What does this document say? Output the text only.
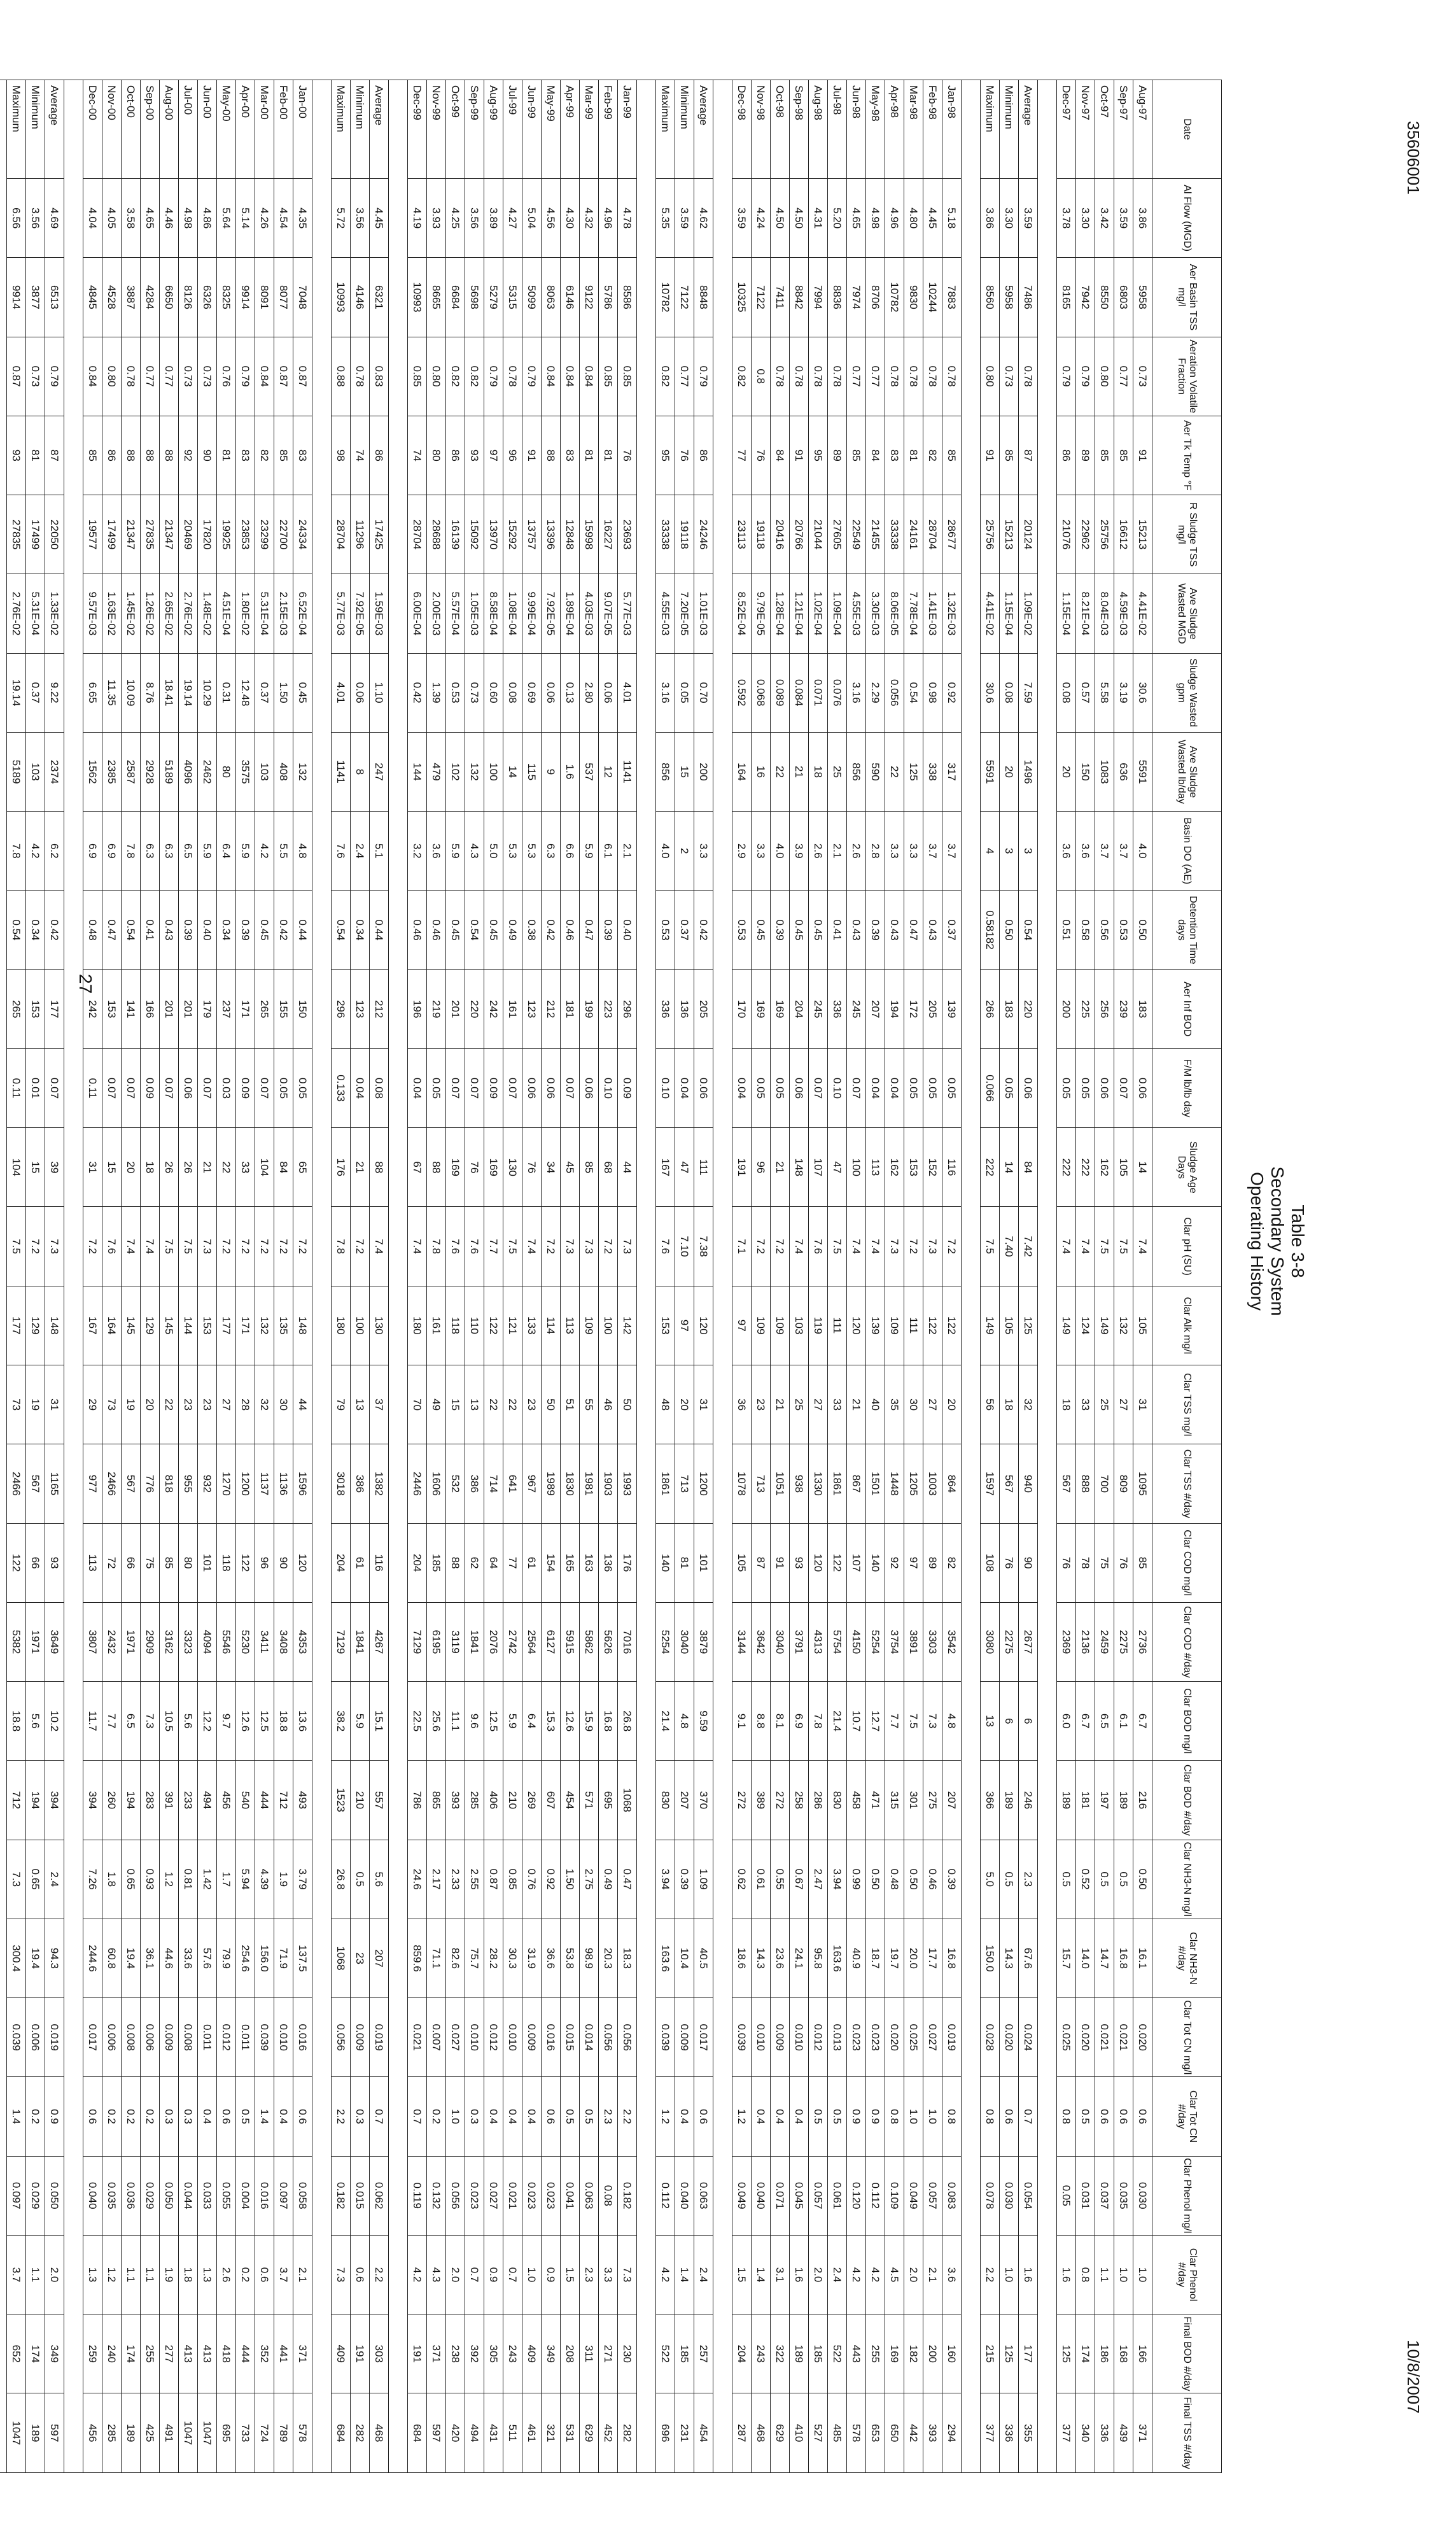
35606001
10/8/2007
Table 3-8
Secondary System
Operating History
27
Date	Al Flow (MGD)	Aer Basin TSS mg/l	Aeration Volatile Fraction	Aer Tk Temp °F	R Sludge TSS mg/l	Ave Sludge Wasted MGD	Sludge Wasted gpm	Ave Sludge Wasted lb/day	Basin DO (AE)	Detention Time days	Aer Inf BOD	F/M lb/lb day	Sludge Age Days	Clar pH (SU)	Clar Alk mg/l	Clar TSS mg/l	Clar TSS #/day	Clar COD mg/l	Clar COD #/day	Clar BOD mg/l	Clar BOD #/day	Clar NH3-N mg/l	Clar NH3-N #/day	Clar Tot CN mg/l	Clar Tot CN #/day	Clar Phenol mg/l	Clar Phenol #/day	Final BOD #/day	Final TSS #/day
Aug-97	3.86	5958	0.73	91	15213	4.41E-02	30.6	5591	4.0	0.50	183	0.06	14	7.4	105	31	1095	85	2736	6.7	216	0.50	16.1	0.020	0.6	0.030	1.0	166	371
Sep-97	3.59	6803	0.77	85	16612	4.59E-03	3.19	636	3.7	0.53	239	0.07	105	7.5	132	27	809	76	2275	6.1	189	0.5	16.8	0.021	0.6	0.035	1.0	168	439
Oct-97	3.42	8550	0.80	85	25756	8.04E-03	5.58	1083	3.7	0.56	256	0.06	162	7.5	149	25	700	75	2459	6.5	197	0.5	14.7	0.021	0.6	0.037	1.1	186	336
Nov-97	3.30	7942	0.79	89	22962	8.21E-04	0.57	150	3.6	0.58	225	0.05	222	7.4	124	33	888	78	2136	6.7	181	0.52	14.0	0.020	0.5	0.031	0.8	174	340
Dec-97	3.78	8165	0.79	86	21076	1.15E-04	0.08	20	3.6	0.51	200	0.05	222	7.4	149	18	567	76	2369	6.0	189	0.5	15.7	0.025	0.8	0.05	1.6	125	377

Average	3.59	7486	0.78	87	20124	1.09E-02	7.59	1496	3	0.54	220	0.06	84	7.42	125	32	940	90	2677	6	246	2.3	67.6	0.024	0.7	0.054	1.6	177	355
Minimum	3.30	5958	0.73	85	15213	1.15E-04	0.08	20	3	0.50	183	0.05	14	7.40	105	18	567	76	2275	6	189	0.5	14.3	0.020	0.6	0.030	1.0	125	336
Maximum	3.86	8560	0.80	91	25756	4.41E-02	30.6	5591	4	0.58182	266	0.066	222	7.5	149	56	1597	108	3080	13	366	5.0	150.0	0.028	0.8	0.078	2.2	215	377

Jan-98	5.18	7883	0.78	85	28677	1.32E-03	0.92	317	3.7	0.37	139	0.05	116	7.2	122	20	864	82	3542	4.8	207	0.39	16.8	0.019	0.8	0.083	3.6	160	294
Feb-98	4.45	10244	0.78	82	28704	1.41E-03	0.98	338	3.7	0.43	205	0.05	152	7.3	122	27	1003	89	3303	7.3	275	0.46	17.7	0.027	1.0	0.057	2.1	200	393
Mar-98	4.80	9830	0.78	81	24161	7.78E-04	0.54	125	3.3	0.47	172	0.05	153	7.2	111	30	1205	97	3891	7.5	301	0.50	20.0	0.025	1.0	0.049	2.0	182	442
Apr-98	4.96	10782	0.78	83	33338	8.06E-05	0.056	22	3.3	0.43	194	0.04	162	7.3	109	35	1448	92	3754	7.7	315	0.48	19.7	0.020	0.8	0.109	4.5	169	650
May-98	4.98	8706	0.77	84	21455	3.30E-03	2.29	590	2.8	0.39	207	0.04	113	7.4	139	40	1501	140	5254	12.7	471	0.50	18.7	0.023	0.9	0.112	4.2	255	653
Jun-98	4.65	7974	0.77	85	22549	4.55E-03	3.16	856	2.6	0.43	245	0.07	100	7.4	120	21	867	107	4150	10.7	458	0.99	40.9	0.023	0.9	0.120	4.2	443	578
Jul-98	5.20	8836	0.78	89	27605	1.09E-04	0.076	25	2.1	0.41	336	0.10	47	7.5	111	33	1861	122	5754	21.4	830	3.94	163.6	0.013	0.5	0.061	2.4	522	485
Aug-98	4.31	7994	0.78	95	21044	1.02E-04	0.071	18	2.6	0.45	245	0.07	107	7.6	119	27	1330	120	4313	7.8	286	2.47	95.8	0.012	0.5	0.057	2.0	185	527
Sep-98	4.50	8842	0.78	91	20766	1.21E-04	0.084	21	3.9	0.45	204	0.06	148	7.4	103	25	938	93	3791	6.9	258	0.67	24.1	0.010	0.4	0.045	1.6	189	410
Oct-98	4.50	7411	0.78	84	20416	1.28E-04	0.089	22	4.0	0.39	169	0.05	21	7.2	109	21	1051	91	3040	8.1	272	0.55	23.6	0.009	0.4	0.071	3.1	322	629
Nov-98	4.24	7122	0.8	76	19118	9.79E-05	0.068	16	3.3	0.45	169	0.05	96	7.2	109	23	713	87	3642	8.8	389	0.61	14.3	0.010	0.4	0.040	1.4	243	468
Dec-98	3.59	10325	0.82	77	23113	8.52E-04	0.592	164	2.9	0.53	170	0.04	191	7.1	97	36	1078	105	3144	9.1	272	0.62	18.6	0.039	1.2	0.049	1.5	204	287

Average	4.62	8848	0.79	86	24246	1.01E-03	0.70	200	3.3	0.42	205	0.06	111	7.38	120	31	1200	101	3879	9.59	370	1.09	40.5	0.017	0.6	0.063	2.4	257	454
Minimum	3.59	7122	0.77	76	19118	7.20E-05	0.05	15	2	0.37	136	0.04	47	7.10	97	20	713	81	3040	4.8	207	0.39	10.4	0.009	0.4	0.040	1.4	185	231
Maximum	5.35	10782	0.82	95	33338	4.55E-03	3.16	856	4.0	0.53	336	0.10	167	7.6	153	48	1861	140	5254	21.4	830	3.94	163.6	0.039	1.2	0.112	4.2	522	696

Jan-99	4.78	8586	0.85	76	23693	5.77E-03	4.01	1141	2.1	0.40	296	0.09	44	7.3	142	50	1993	176	7016	26.8	1068	0.47	18.3	0.056	2.2	0.182	7.3	230	282
Feb-99	4.96	5786	0.85	81	16227	9.07E-05	0.06	12	6.1	0.39	223	0.10	68	7.2	100	46	1903	136	5626	16.8	695	0.49	20.3	0.056	2.3	0.08	3.3	271	452
Mar-99	4.32	9122	0.84	81	15998	4.03E-03	2.80	537	5.9	0.47	199	0.06	85	7.3	109	55	1981	163	5862	15.9	571	2.75	98.9	0.014	0.5	0.063	2.3	311	629
Apr-99	4.30	6146	0.84	83	12848	1.89E-04	0.13	1.6	6.6	0.46	181	0.07	45	7.3	113	51	1830	165	5915	12.6	454	1.50	53.8	0.015	0.5	0.041	1.5	208	531
May-99	4.56	8063	0.84	88	13396	7.92E-05	0.06	9	6.3	0.42	212	0.06	34	7.2	114	50	1989	154	6127	15.3	607	0.92	36.6	0.016	0.6	0.023	0.9	349	321
Jun-99	5.04	5099	0.79	91	13757	9.99E-04	0.69	115	5.3	0.38	123	0.06	76	7.4	133	23	967	61	2564	6.4	269	0.76	31.9	0.009	0.4	0.023	1.0	409	461
Jul-99	4.27	5315	0.78	96	15292	1.08E-04	0.08	14	5.3	0.49	161	0.07	130	7.5	121	22	641	77	2742	5.9	210	0.85	30.3	0.010	0.4	0.021	0.7	243	511
Aug-99	3.89	5279	0.79	97	13970	8.58E-04	0.60	100	5.0	0.45	242	0.09	169	7.7	122	22	714	64	2076	12.5	406	0.87	28.2	0.012	0.4	0.027	0.9	305	431
Sep-99	3.56	5698	0.82	93	15092	1.05E-03	0.73	132	4.3	0.54	220	0.07	76	7.6	110	13	386	62	1841	9.6	285	2.55	75.7	0.010	0.3	0.023	0.7	392	494
Oct-99	4.25	6684	0.82	86	16139	5.57E-04	0.53	102	5.9	0.45	201	0.07	169	7.6	118	15	532	88	3119	11.1	393	2.33	82.6	0.027	1.0	0.056	2.0	238	420
Nov-99	3.93	8665	0.80	80	28688	2.00E-03	1.39	479	3.6	0.46	219	0.05	88	7.8	161	49	1606	185	6195	25.6	865	2.17	71.1	0.007	0.2	0.132	4.3	371	597
Dec-99	4.19	10993	0.85	74	28704	6.00E-04	0.42	144	3.2	0.46	196	0.04	67	7.4	180	70	2446	204	7129	22.5	786	24.6	859.6	0.021	0.7	0.119	4.2	191	684

Average	4.45	6321	0.83	86	17425	1.59E-03	1.10	247	5.1	0.44	212	0.08	88	7.4	130	37	1382	116	4267	15.1	557	5.6	207	0.019	0.7	0.062	2.2	303	468
Minimum	3.56	4146	0.78	74	11296	7.92E-05	0.06	8	2.4	0.34	123	0.04	21	7.2	100	13	386	61	1841	5.9	210	0.5	23	0.009	0.3	0.015	0.6	191	282
Maximum	5.72	10993	0.88	98	28704	5.77E-03	4.01	1141	7.6	0.54	296	0.133	176	7.8	180	79	3018	204	7129	38.2	1523	26.8	1068	0.056	2.2	0.182	7.3	409	684

Jan-00	4.35	7048	0.87	83	24334	6.52E-04	0.45	132	4.8	0.44	150	0.05	65	7.2	148	44	1596	120	4353	13.6	493	3.79	137.5	0.016	0.6	0.058	2.1	371	578
Feb-00	4.54	8077	0.87	85	22700	2.15E-03	1.50	408	5.5	0.42	155	0.05	84	7.2	135	30	1136	90	3408	18.8	712	1.9	71.9	0.010	0.4	0.097	3.7	441	789
Mar-00	4.26	8091	0.84	82	23299	5.31E-04	0.37	103	4.2	0.45	265	0.07	104	7.2	132	32	1137	96	3411	12.5	444	4.39	156.0	0.039	1.4	0.016	0.6	352	724
Apr-00	5.14	9914	0.79	83	23853	1.80E-02	12.48	3575	5.9	0.39	171	0.09	33	7.2	171	28	1200	122	5230	12.6	540	5.94	254.6	0.011	0.5	0.004	0.2	444	733
May-00	5.64	8325	0.76	81	19925	4.51E-04	0.31	80	6.4	0.34	237	0.03	22	7.2	177	27	1270	118	5546	9.7	456	1.7	79.9	0.012	0.6	0.055	2.6	418	695
Jun-00	4.86	6326	0.73	90	17820	1.48E-02	10.29	2462	5.9	0.40	179	0.07	21	7.3	153	23	932	101	4094	12.2	494	1.42	57.6	0.011	0.4	0.033	1.3	413	1047
Jul-00	4.98	8126	0.73	92	20469	2.76E-02	19.14	4096	6.5	0.39	201	0.06	26	7.5	144	23	955	80	3323	5.6	233	0.81	33.6	0.008	0.3	0.044	1.8	413	1047
Aug-00	4.46	6650	0.77	88	21347	2.65E-02	18.41	5189	6.3	0.43	201	0.07	26	7.5	145	22	818	85	3162	10.5	391	1.2	44.6	0.009	0.3	0.050	1.9	277	491
Sep-00	4.65	4284	0.77	88	27835	1.26E-02	8.76	2928	6.3	0.41	166	0.09	18	7.4	129	20	776	75	2909	7.3	283	0.93	36.1	0.006	0.2	0.029	1.1	255	425
Oct-00	3.58	3887	0.78	88	21347	1.45E-02	10.09	2587	7.8	0.54	141	0.07	20	7.4	145	19	567	66	1971	6.5	194	0.65	19.4	0.008	0.2	0.036	1.1	174	189
Nov-00	4.05	4528	0.80	86	17499	1.63E-02	11.35	2385	6.9	0.47	153	0.07	15	7.6	164	73	2466	72	2432	7.7	260	1.8	60.8	0.006	0.2	0.035	1.2	240	285
Dec-00	4.04	4845	0.84	85	19577	9.57E-03	6.65	1562	6.9	0.48	242	0.11	31	7.2	167	29	977	113	3807	11.7	394	7.26	244.6	0.017	0.6	0.040	1.3	259	456

Average	4.69	6513	0.79	87	22050	1.33E-02	9.22	2374	6.2	0.42	177	0.07	39	7.3	148	31	1165	93	3649	10.2	394	2.4	94.3	0.019	0.9	0.050	2.0	349	597
Minimum	3.56	3877	0.73	81	17499	5.31E-04	0.37	103	4.2	0.34	153	0.01	15	7.2	129	19	567	66	1971	5.6	194	0.65	19.4	0.006	0.2	0.029	1.1	174	189
Maximum	6.56	9914	0.87	93	27835	2.76E-02	19.14	5189	7.8	0.54	265	0.11	104	7.5	177	73	2466	122	5382	18.8	712	7.3	300.4	0.039	1.4	0.097	3.7	652	1047
